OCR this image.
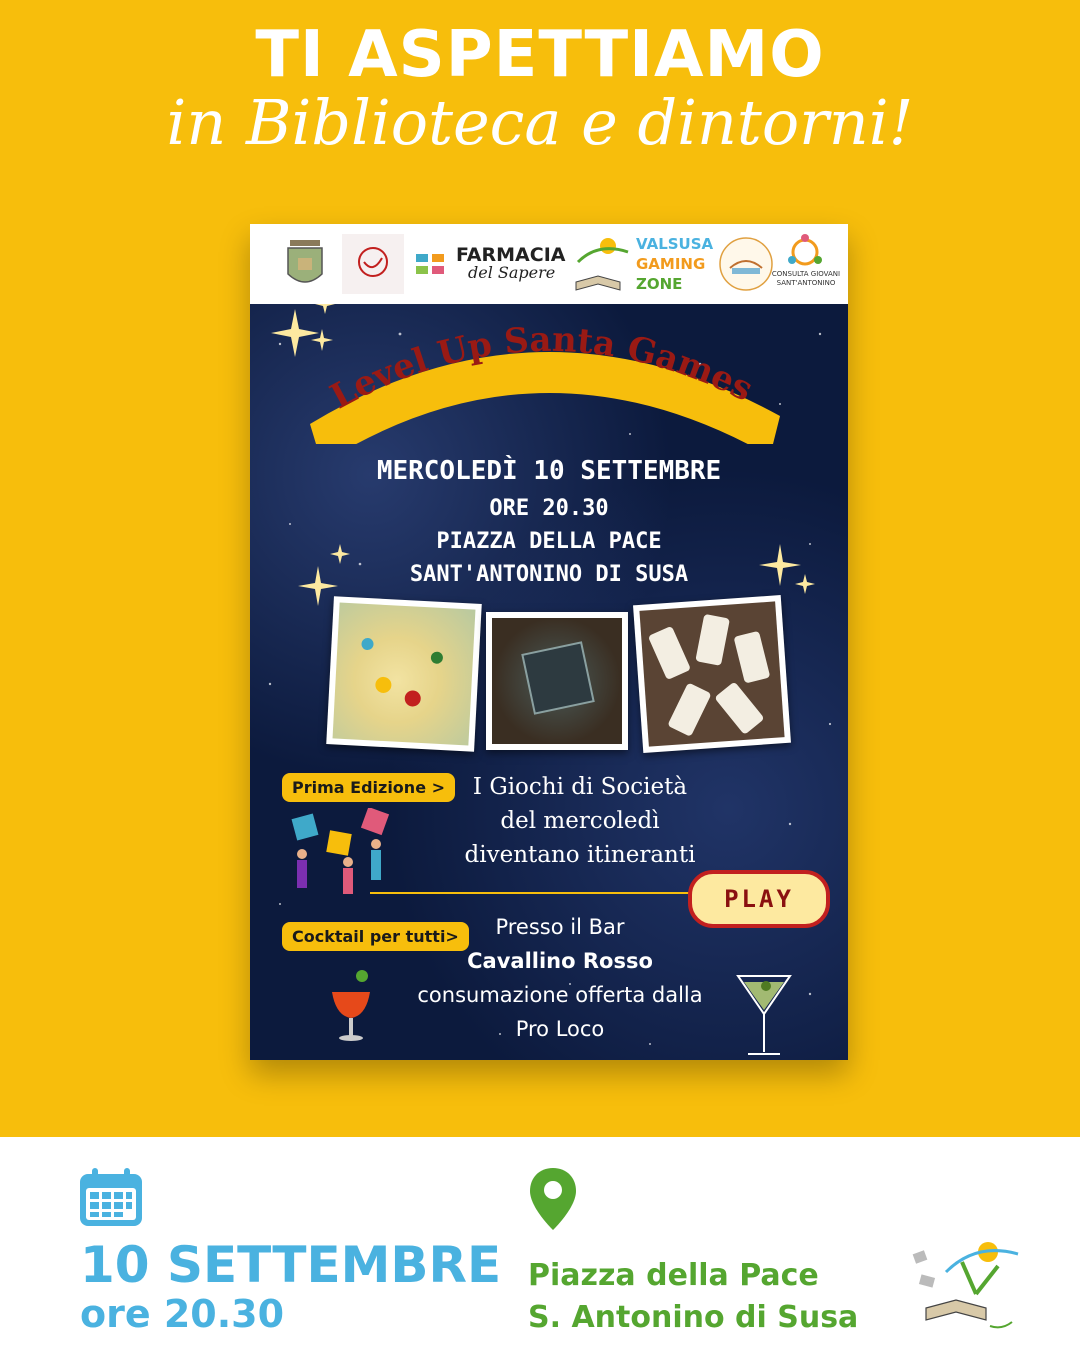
TI ASPETTIAMO
in Biblioteca e dintorni!
FARMACIA
del Sapere
VALSUSA
GAMING
ZONE
CONSULTA GIOVANI
SANT'ANTONINO
Level Up Santa Games
MERCOLEDÌ 10 SETTEMBRE
ORE 20.30
PIAZZA DELLA PACE
SANT'ANTONINO DI SUSA
Prima Edizione >	I Giochi di Società
del mercoledì
diventano itineranti
PLAY
Cocktail per tutti>	Presso il Bar
Cavallino Rosso
consumazione offerta dalla
Pro Loco
10 SETTEMBRE
ore 20.30
Piazza della Pace
S. Antonino di Susa
